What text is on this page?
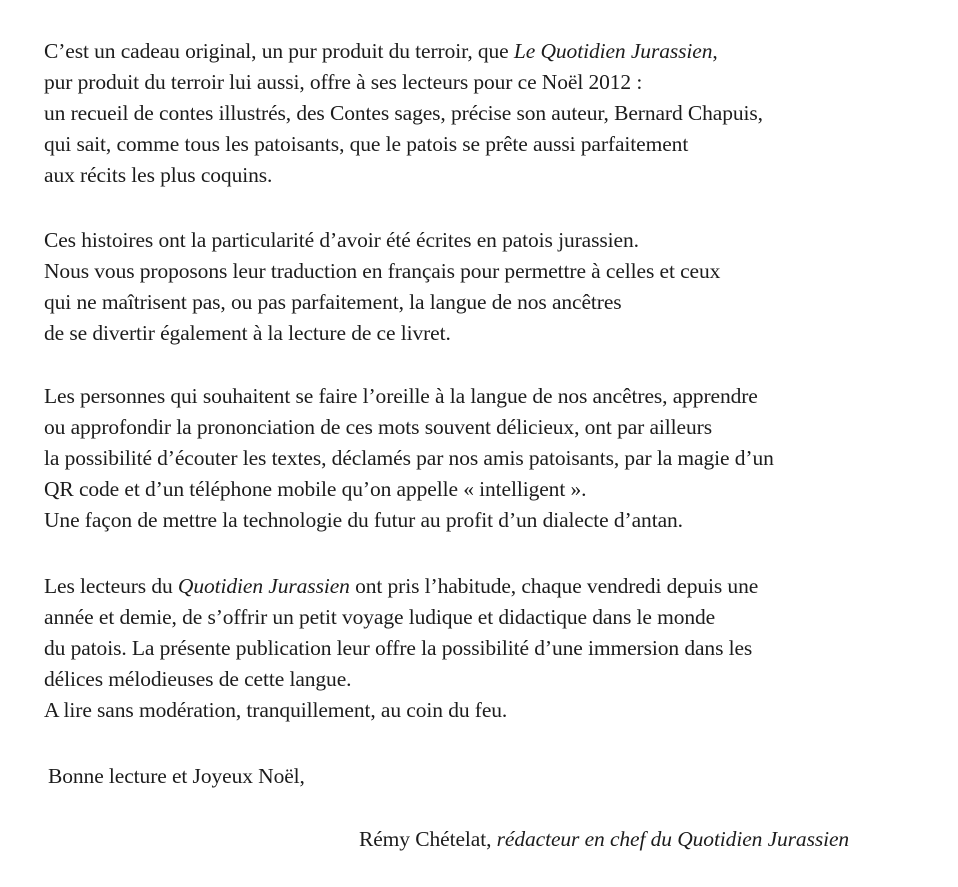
C’est un cadeau original, un pur produit du terroir, que Le Quotidien Jurassien,
pur produit du terroir lui aussi, offre à ses lecteurs pour ce Noël 2012 :
un recueil de contes illustrés, des Contes sages, précise son auteur, Bernard Chapuis,
qui sait, comme tous les patoisants, que le patois se prête aussi parfaitement
aux récits les plus coquins.
Ces histoires ont la particularité d’avoir été écrites en patois jurassien.
Nous vous proposons leur traduction en français pour permettre à celles et ceux
qui ne maîtrisent pas, ou pas parfaitement, la langue de nos ancêtres
de se divertir également à la lecture de ce livret.
Les personnes qui souhaitent se faire l’oreille à la langue de nos ancêtres, apprendre
ou approfondir la prononciation de ces mots souvent délicieux, ont par ailleurs
la possibilité d’écouter les textes, déclamés par nos amis patoisants, par la magie d’un
QR code et d’un téléphone mobile qu’on appelle « intelligent ».
Une façon de mettre la technologie du futur au profit d’un dialecte d’antan.
Les lecteurs du Quotidien Jurassien ont pris l’habitude, chaque vendredi depuis une
année et demie, de s’offrir un petit voyage ludique et didactique dans le monde
du patois. La présente publication leur offre la possibilité d’une immersion dans les
délices mélodieuses de cette langue.
A lire sans modération, tranquillement, au coin du feu.
Bonne lecture et Joyeux Noël,
Rémy Chételat, rédacteur en chef du Quotidien Jurassien
